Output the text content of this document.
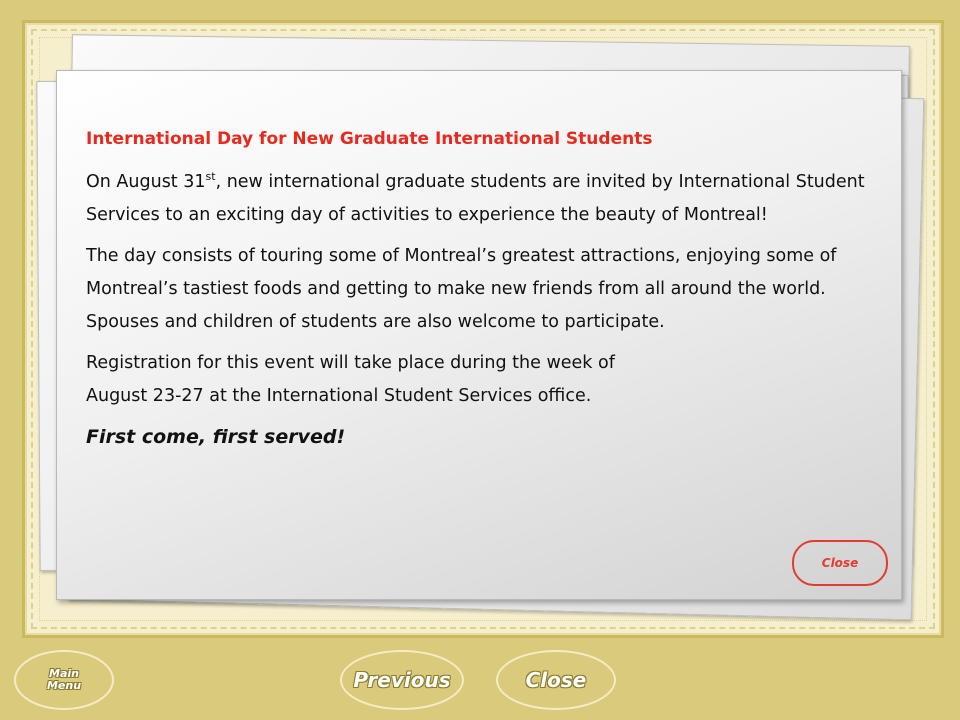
International Day for New Graduate International Students

On August 31st, new international graduate students are invited by International Student Services to an exciting day of activities to experience the beauty of Montreal!

The day consists of touring some of Montreal’s greatest attractions, enjoying some of Montreal’s tastiest foods and getting to make new friends from all around the world. Spouses and children of students are also welcome to participate.

Registration for this event will take place during the week of
August 23-27 at the International Student Services office.

First come, first served!
Close
Main
Menu	Previous	Close
